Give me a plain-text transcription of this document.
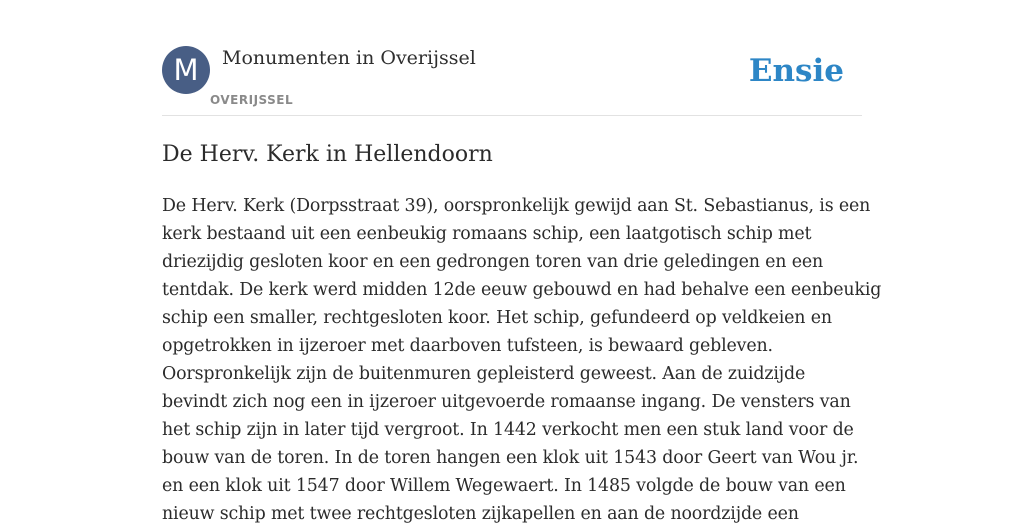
M	Monumenten in Overijssel
OVERIJSSEL
Ensie
De Herv. Kerk in Hellendoorn

De Herv. Kerk (Dorpsstraat 39), oorspronkelijk gewijd aan St. Sebastianus, is een
kerk bestaand uit een eenbeukig romaans schip, een laatgotisch schip met
driezijdig gesloten koor en een gedrongen toren van drie geledingen en een
tentdak. De kerk werd midden 12de eeuw gebouwd en had behalve een eenbeukig
schip een smaller, rechtgesloten koor. Het schip, gefundeerd op veldkeien en
opgetrokken in ijzeroer met daarboven tufsteen, is bewaard gebleven.
Oorspronkelijk zijn de buitenmuren gepleisterd geweest. Aan de zuidzijde
bevindt zich nog een in ijzeroer uitgevoerde romaanse ingang. De vensters van
het schip zijn in later tijd vergroot. In 1442 verkocht men een stuk land voor de
bouw van de toren. In de toren hangen een klok uit 1543 door Geert van Wou jr.
en een klok uit 1547 door Willem Wegewaert. In 1485 volgde de bouw van een
nieuw schip met twee rechtgesloten zijkapellen en aan de noordzijde een
